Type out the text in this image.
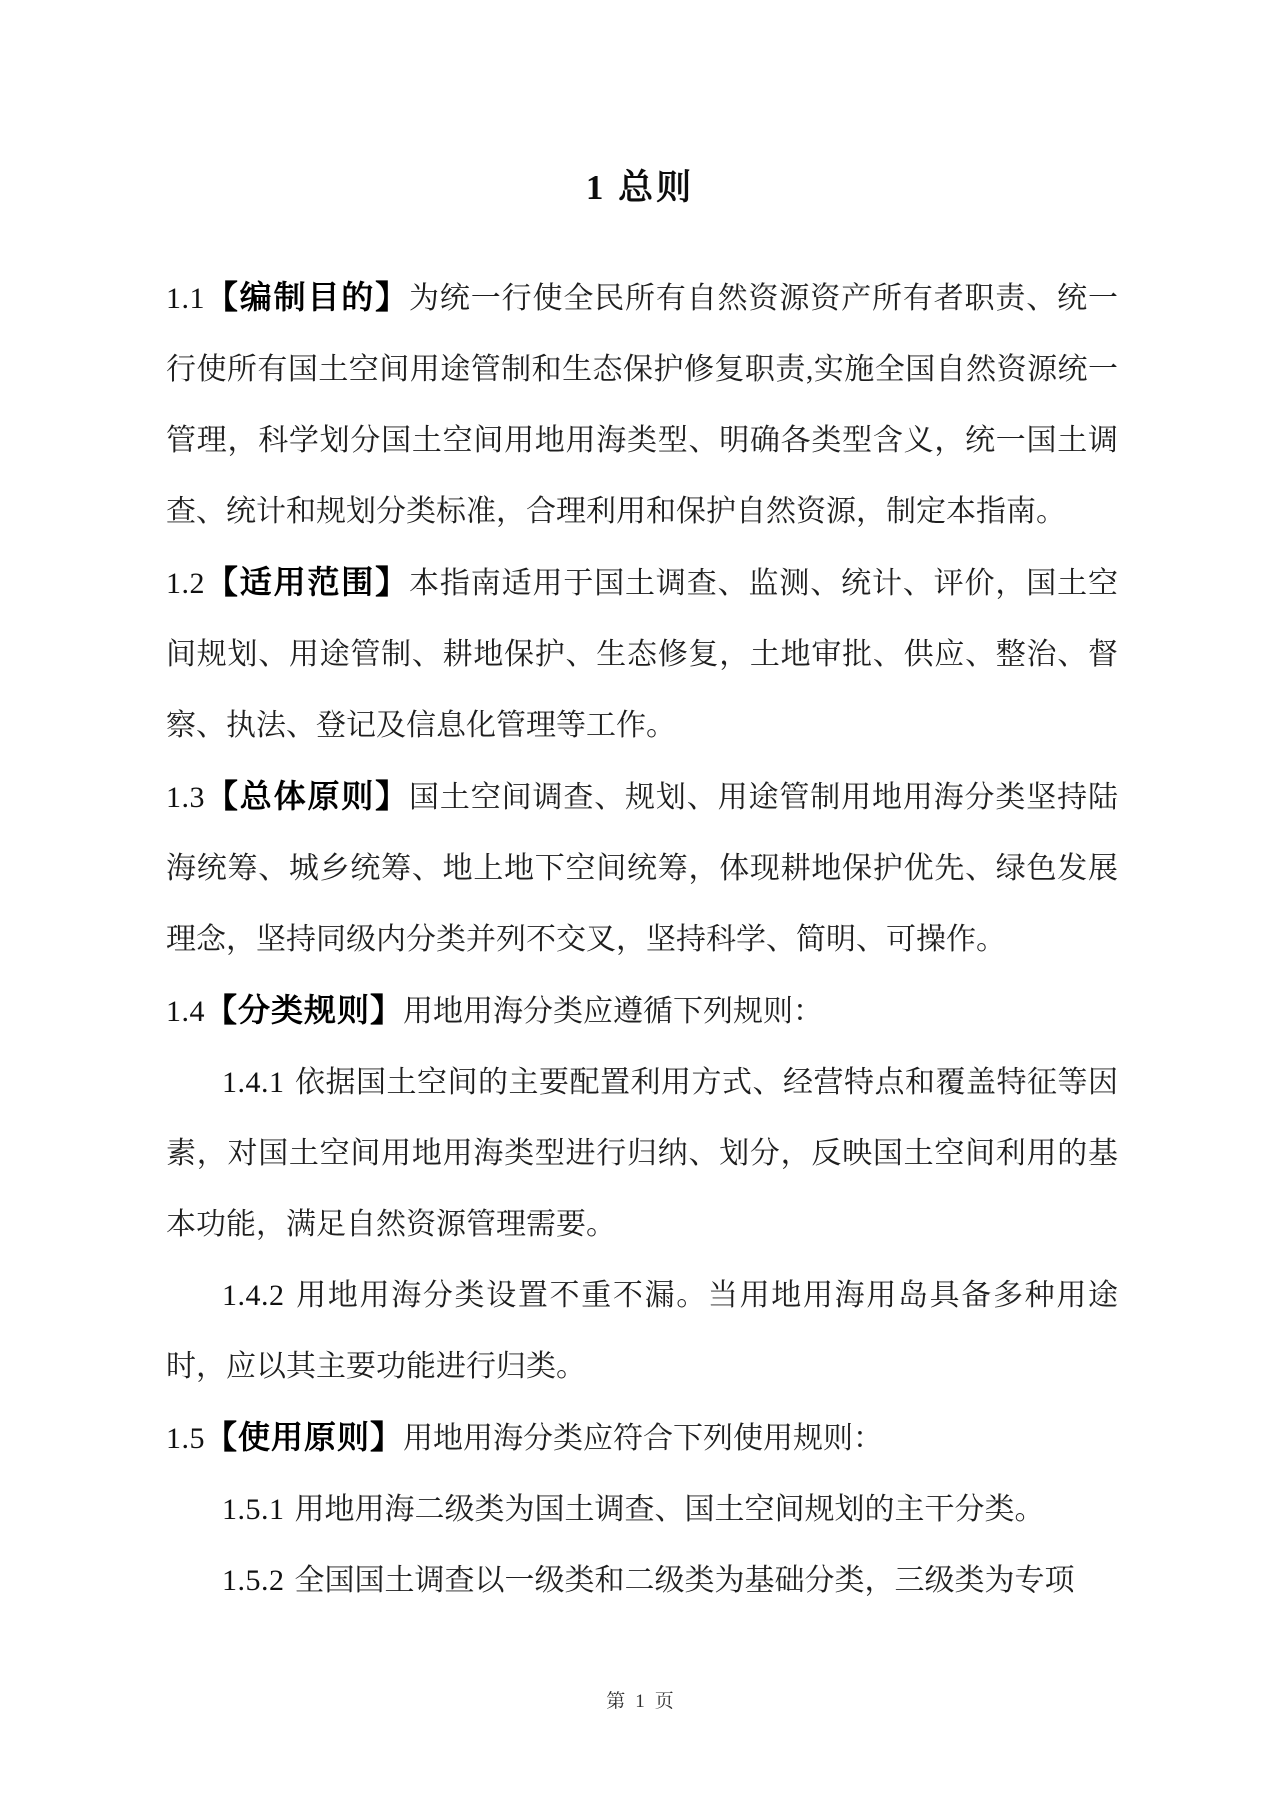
1 总则

1.1【编制目的】为统一行使全民所有自然资源资产所有者职责、统一行使所有国土空间用途管制和生态保护修复职责,实施全国自然资源统一管理，科学划分国土空间用地用海类型、明确各类型含义，统一国土调查、统计和规划分类标准，合理利用和保护自然资源，制定本指南。

1.2【适用范围】本指南适用于国土调查、监测、统计、评价，国土空间规划、用途管制、耕地保护、生态修复，土地审批、供应、整治、督察、执法、登记及信息化管理等工作。

1.3【总体原则】国土空间调查、规划、用途管制用地用海分类坚持陆海统筹、城乡统筹、地上地下空间统筹，体现耕地保护优先、绿色发展理念，坚持同级内分类并列不交叉，坚持科学、简明、可操作。

1.4【分类规则】用地用海分类应遵循下列规则：

1.4.1 依据国土空间的主要配置利用方式、经营特点和覆盖特征等因素，对国土空间用地用海类型进行归纳、划分，反映国土空间利用的基本功能，满足自然资源管理需要。

1.4.2 用地用海分类设置不重不漏。当用地用海用岛具备多种用途时，应以其主要功能进行归类。

1.5【使用原则】用地用海分类应符合下列使用规则：

1.5.1 用地用海二级类为国土调查、国土空间规划的主干分类。

1.5.2 全国国土调查以一级类和二级类为基础分类，三级类为专项

第 1 页
